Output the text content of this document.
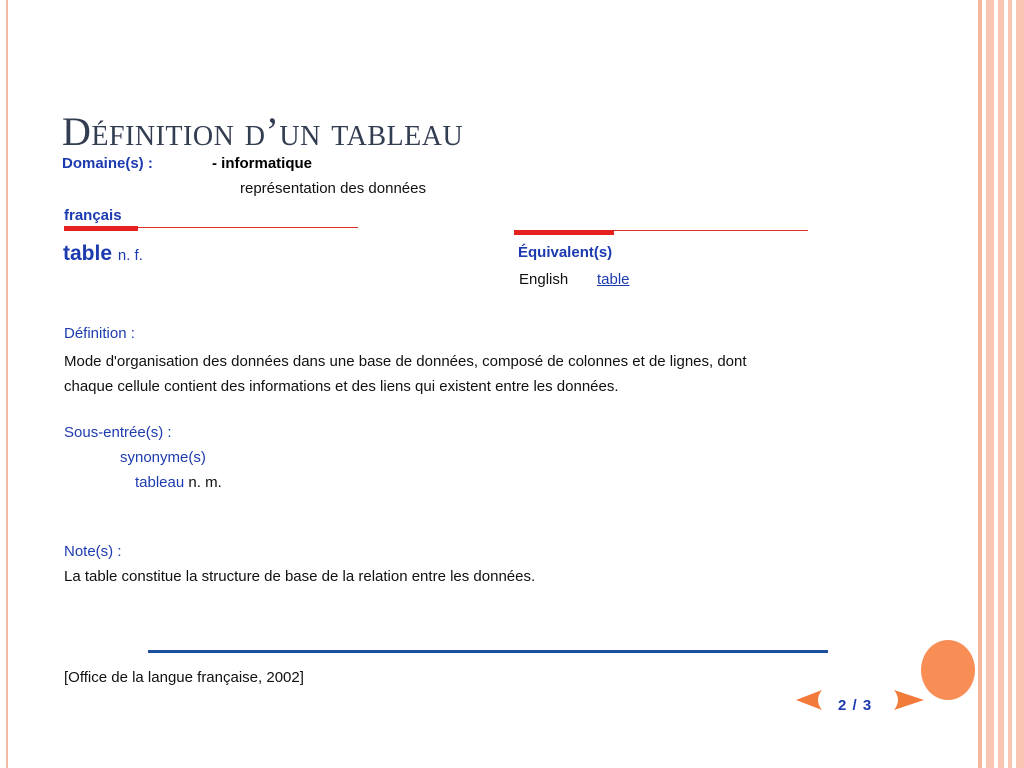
Définition d’un tableau
Domaine(s) :	- informatique
représentation des données
français
table n. f.	Équivalent(s)
English table
Définition :
Mode d'organisation des données dans une base de données, composé de colonnes et de lignes, dont
chaque cellule contient des informations et des liens qui existent entre les données.
Sous-entrée(s) :
synonyme(s)
tableau n. m.
Note(s) :
La table constitue la structure de base de la relation entre les données.
[Office de la langue française, 2002]
2 / 3
